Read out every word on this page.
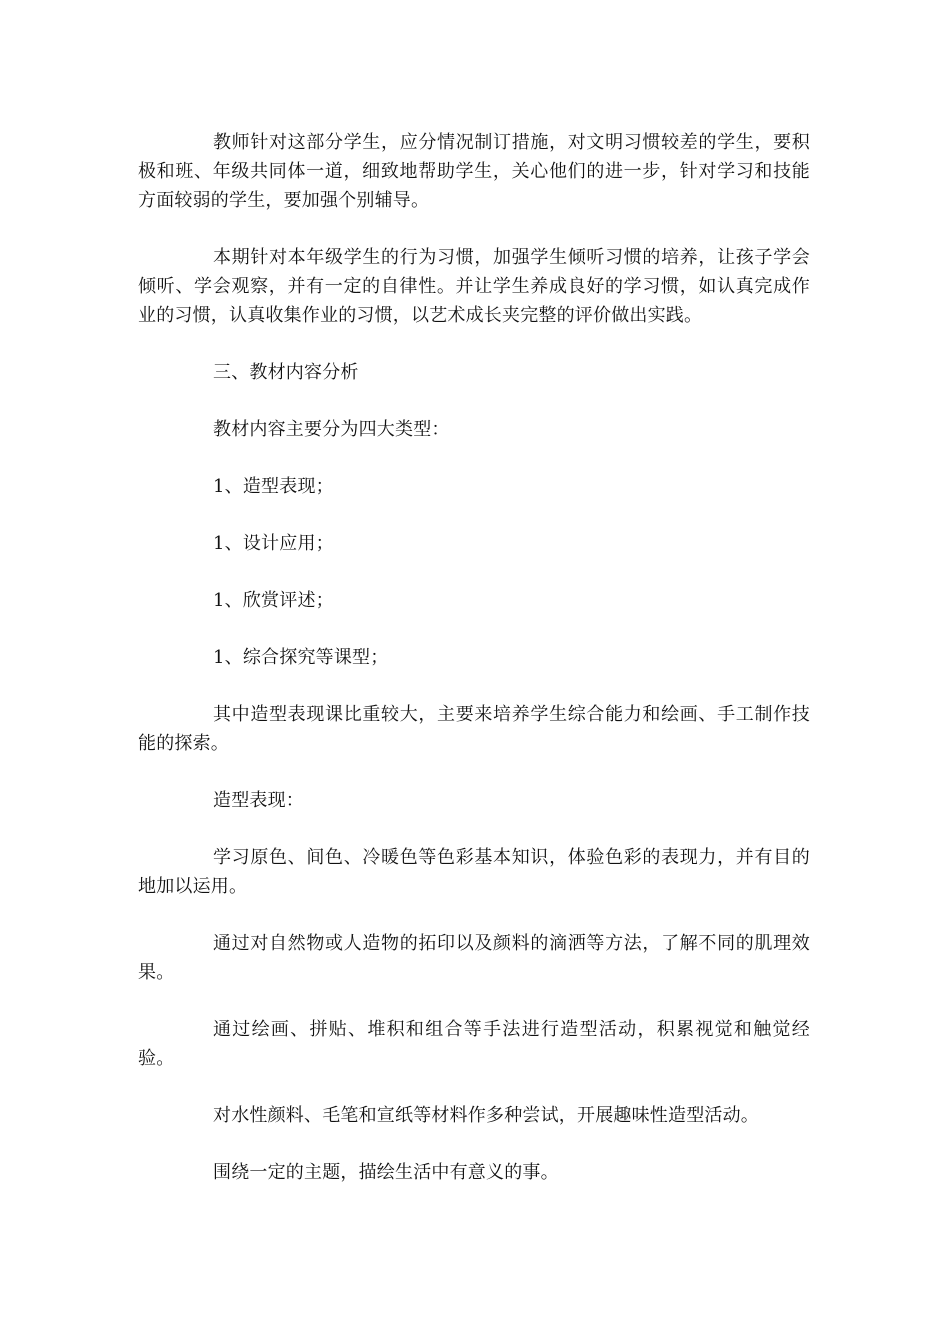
教师针对这部分学生，应分情况制订措施，对文明习惯较差的学生，要积极和班、年级共同体一道，细致地帮助学生，关心他们的进一步，针对学习和技能方面较弱的学生，要加强个别辅导。

本期针对本年级学生的行为习惯，加强学生倾听习惯的培养，让孩子学会倾听、学会观察，并有一定的自律性。并让学生养成良好的学习惯，如认真完成作业的习惯，认真收集作业的习惯，以艺术成长夹完整的评价做出实践。

三、教材内容分析

教材内容主要分为四大类型：

1、造型表现；

1、设计应用；

1、欣赏评述；

1、综合探究等课型；

其中造型表现课比重较大，主要来培养学生综合能力和绘画、手工制作技能的探索。

造型表现：

学习原色、间色、冷暖色等色彩基本知识，体验色彩的表现力，并有目的地加以运用。

通过对自然物或人造物的拓印以及颜料的滴洒等方法，了解不同的肌理效果。

通过绘画、拼贴、堆积和组合等手法进行造型活动，积累视觉和触觉经验。

对水性颜料、毛笔和宣纸等材料作多种尝试，开展趣味性造型活动。

围绕一定的主题，描绘生活中有意义的事。
